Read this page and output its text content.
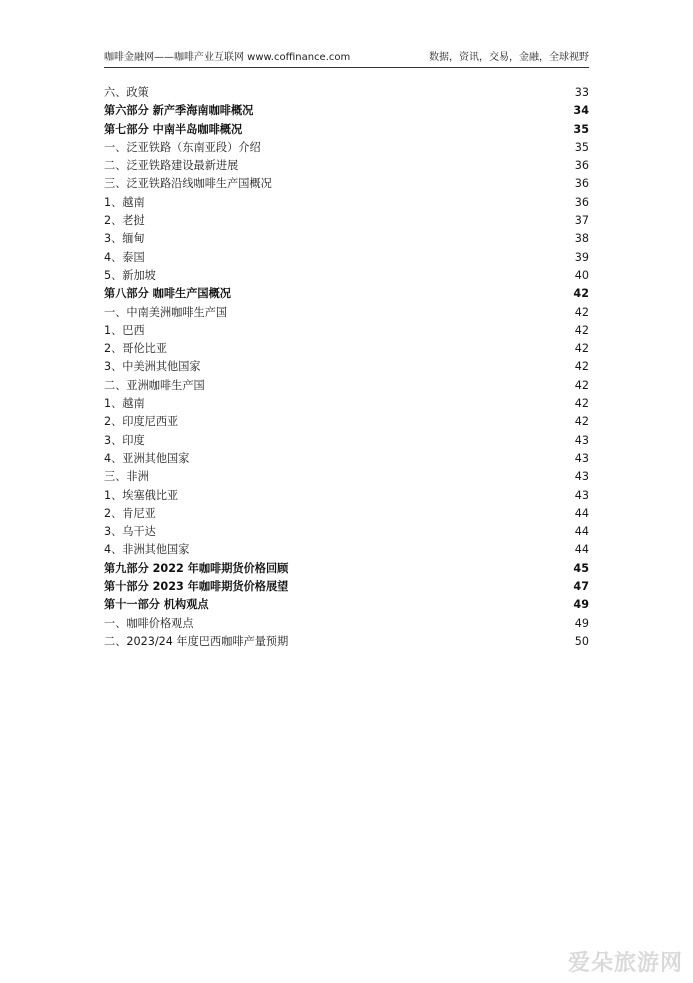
咖啡金融网——咖啡产业互联网 www.coffinance.com	数据，资讯，交易，金融，全球视野
六、政策	33
第六部分 新产季海南咖啡概况	34
第七部分 中南半岛咖啡概况	35
一、泛亚铁路（东南亚段）介绍	35
二、泛亚铁路建设最新进展	36
三、泛亚铁路沿线咖啡生产国概况	36
1、越南	36
2、老挝	37
3、缅甸	38
4、泰国	39
5、新加坡	40
第八部分 咖啡生产国概况	42
一、中南美洲咖啡生产国	42
1、巴西	42
2、哥伦比亚	42
3、中美洲其他国家	42
二、亚洲咖啡生产国	42
1、越南	42
2、印度尼西亚	42
3、印度	43
4、亚洲其他国家	43
三、非洲	43
1、埃塞俄比亚	43
2、肯尼亚	44
3、乌干达	44
4、非洲其他国家	44
第九部分 2022 年咖啡期货价格回顾	45
第十部分 2023 年咖啡期货价格展望	47
第十一部分 机构观点	49
一、咖啡价格观点	49
二、2023/24 年度巴西咖啡产量预期	50
爱朵旅游网
